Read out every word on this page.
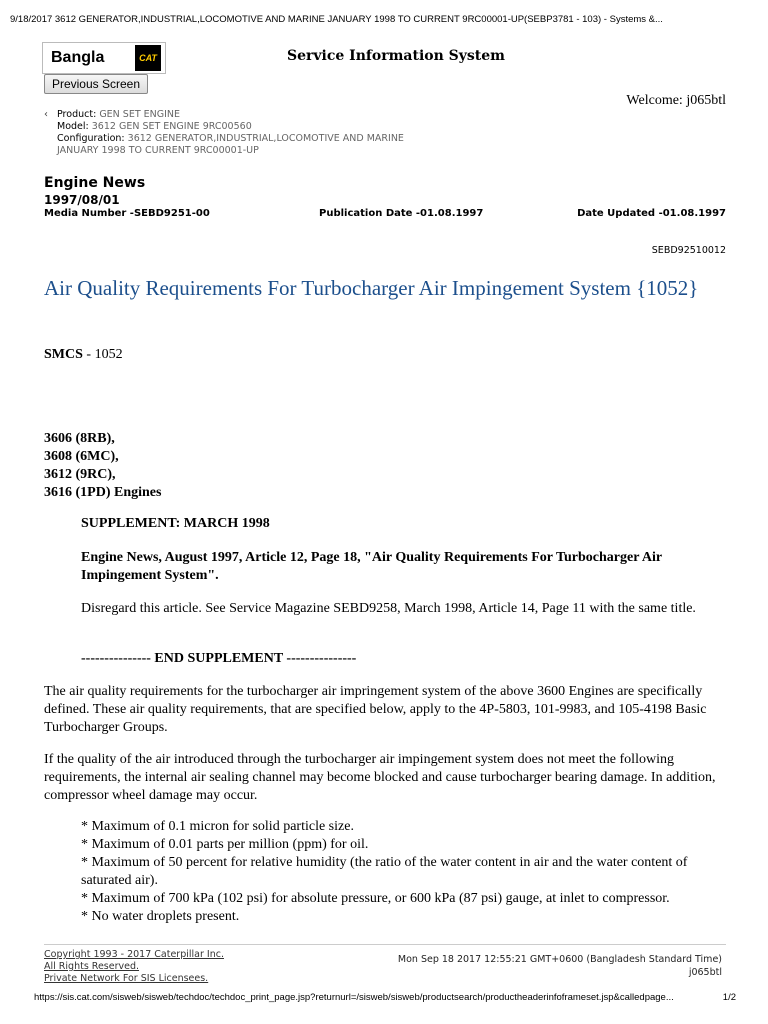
9/18/2017 3612 GENERATOR,INDUSTRIAL,LOCOMOTIVE AND MARINE JANUARY 1998 TO CURRENT 9RC00001-UP(SEBP3781 - 103) - Systems &...
Bangla	CAT
Previous Screen
Service Information System
Welcome: j065btl
‹ Product: GEN SET ENGINE
Model: 3612 GEN SET ENGINE 9RC00560
Configuration: 3612 GENERATOR,INDUSTRIAL,LOCOMOTIVE AND MARINE
JANUARY 1998 TO CURRENT 9RC00001-UP
Engine News
1997/08/01
Media Number -SEBD9251-00	Publication Date -01.08.1997	Date Updated -01.08.1997
SEBD92510012
Air Quality Requirements For Turbocharger Air Impingement System {1052}
SMCS - 1052
3606 (8RB),
3608 (6MC),
3612 (9RC),
3616 (1PD) Engines
SUPPLEMENT: MARCH 1998
Engine News, August 1997, Article 12, Page 18, "Air Quality Requirements For Turbocharger Air Impingement System".
Disregard this article. See Service Magazine SEBD9258, March 1998, Article 14, Page 11 with the same title.
--------------- END SUPPLEMENT ---------------
The air quality requirements for the turbocharger air impringement system of the above 3600 Engines are specifically defined. These air quality requirements, that are specified below, apply to the 4P-5803, 101-9983, and 105-4198 Basic Turbocharger Groups.
If the quality of the air introduced through the turbocharger air impingement system does not meet the following requirements, the internal air sealing channel may become blocked and cause turbocharger bearing damage. In addition, compressor wheel damage may occur.
* Maximum of 0.1 micron for solid particle size.
* Maximum of 0.01 parts per million (ppm) for oil.
* Maximum of 50 percent for relative humidity (the ratio of the water content in air and the water content of saturated air).
* Maximum of 700 kPa (102 psi) for absolute pressure, or 600 kPa (87 psi) gauge, at inlet to compressor.
* No water droplets present.
Copyright 1993 - 2017 Caterpillar Inc.
All Rights Reserved.
Private Network For SIS Licensees.
Mon Sep 18 2017 12:55:21 GMT+0600 (Bangladesh Standard Time)
j065btl
https://sis.cat.com/sisweb/sisweb/techdoc/techdoc_print_page.jsp?returnurl=/sisweb/sisweb/productsearch/productheaderinfoframeset.jsp&calledpage...	1/2
